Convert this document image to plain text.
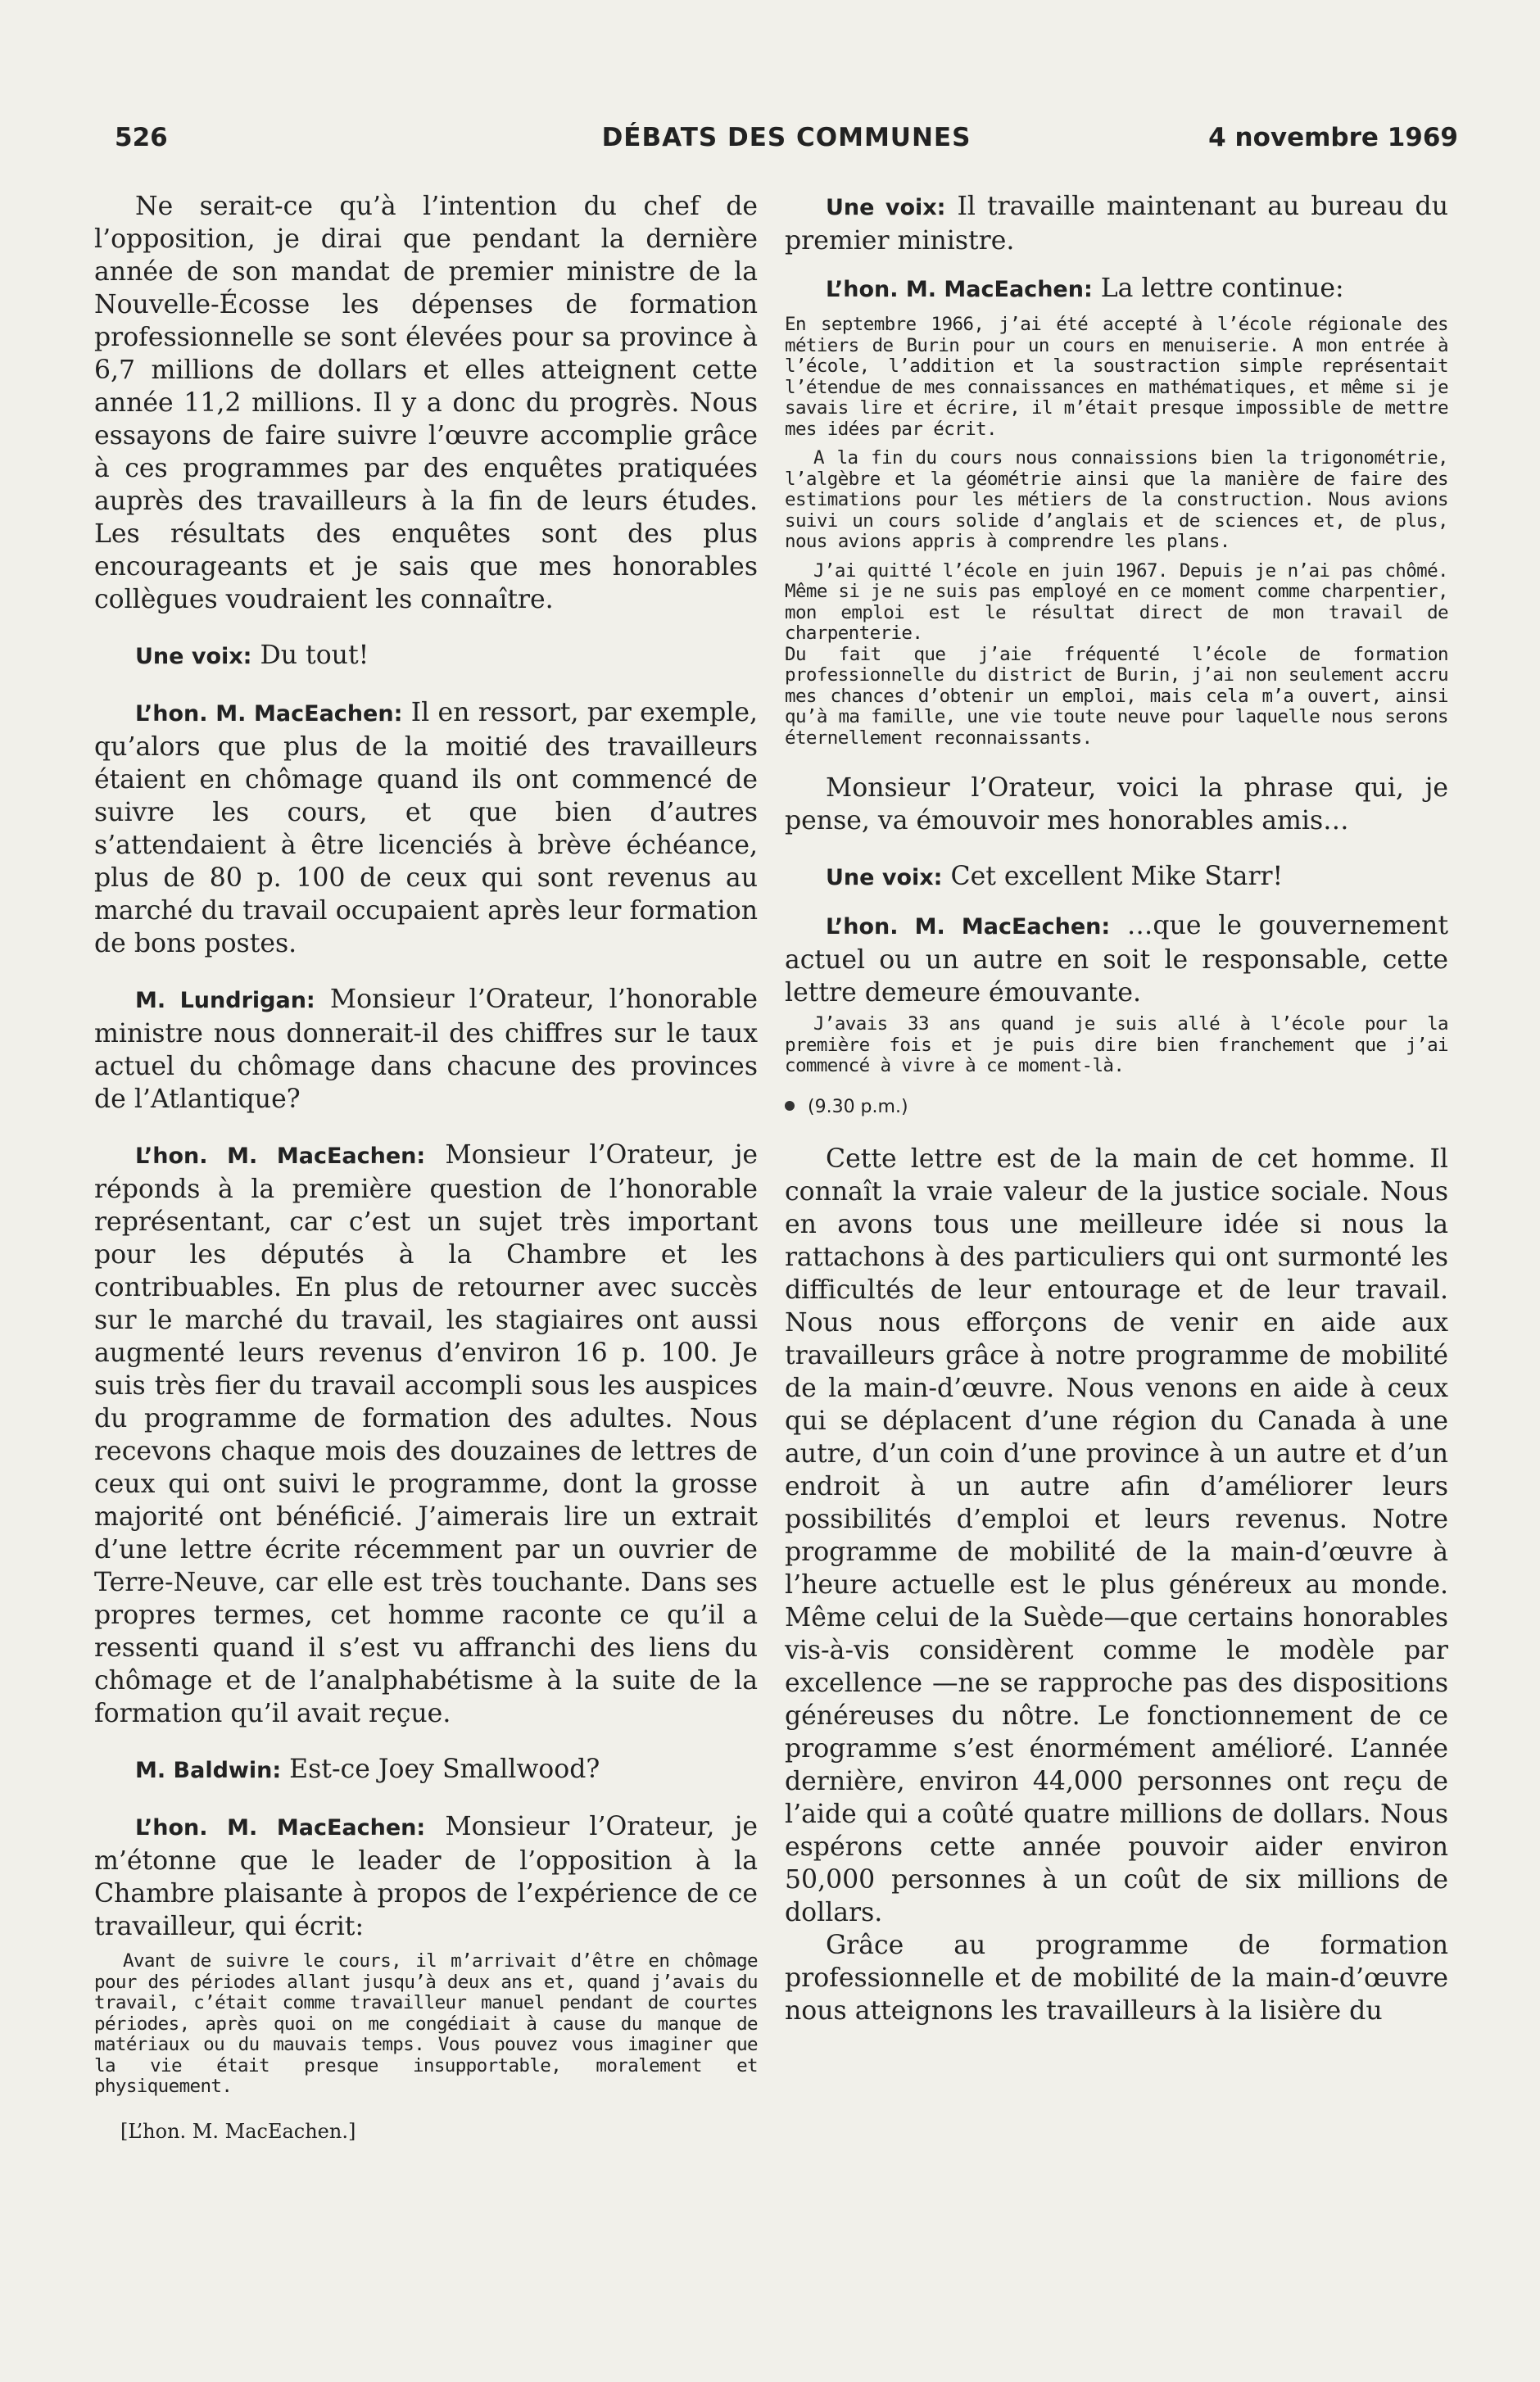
526	DÉBATS DES COMMUNES	4 novembre 1969

Ne serait-ce qu’à l’intention du chef de l’opposition, je dirai que pendant la dernière année de son mandat de premier ministre de la Nouvelle-Écosse les dépenses de formation professionnelle se sont élevées pour sa province à 6,7 millions de dollars et elles atteignent cette année 11,2 millions. Il y a donc du progrès. Nous essayons de faire suivre l’œuvre accomplie grâce à ces programmes par des enquêtes pratiquées auprès des travailleurs à la fin de leurs études. Les résultats des enquêtes sont des plus encourageants et je sais que mes honorables collègues voudraient les connaître.

Une voix: Du tout!

L’hon. M. MacEachen: Il en ressort, par exemple, qu’alors que plus de la moitié des travailleurs étaient en chômage quand ils ont commencé de suivre les cours, et que bien d’autres s’attendaient à être licenciés à brève échéance, plus de 80 p. 100 de ceux qui sont revenus au marché du travail occupaient après leur formation de bons postes.

M. Lundrigan: Monsieur l’Orateur, l’honorable ministre nous donnerait-il des chiffres sur le taux actuel du chômage dans chacune des provinces de l’Atlantique?

L’hon. M. MacEachen: Monsieur l’Orateur, je réponds à la première question de l’honorable représentant, car c’est un sujet très important pour les députés à la Chambre et les contribuables. En plus de retourner avec succès sur le marché du travail, les stagiaires ont aussi augmenté leurs revenus d’environ 16 p. 100. Je suis très fier du travail accompli sous les auspices du programme de formation des adultes. Nous recevons chaque mois des douzaines de lettres de ceux qui ont suivi le programme, dont la grosse majorité ont bénéficié. J’aimerais lire un extrait d’une lettre écrite récemment par un ouvrier de Terre-Neuve, car elle est très touchante. Dans ses propres termes, cet homme raconte ce qu’il a ressenti quand il s’est vu affranchi des liens du chômage et de l’analphabétisme à la suite de la formation qu’il avait reçue.

M. Baldwin: Est-ce Joey Smallwood?

L’hon. M. MacEachen: Monsieur l’Orateur, je m’étonne que le leader de l’opposition à la Chambre plaisante à propos de l’expérience de ce travailleur, qui écrit:

Avant de suivre le cours, il m’arrivait d’être en chômage pour des périodes allant jusqu’à deux ans et, quand j’avais du travail, c’était comme travailleur manuel pendant de courtes périodes, après quoi on me congédiait à cause du manque de matériaux ou du mauvais temps. Vous pouvez vous imaginer que la vie était presque insupportable, moralement et physiquement.

[L’hon. M. MacEachen.]

Une voix: Il travaille maintenant au bureau du premier ministre.

L’hon. M. MacEachen: La lettre continue:

En septembre 1966, j’ai été accepté à l’école régionale des métiers de Burin pour un cours en menuiserie. A mon entrée à l’école, l’addition et la soustraction simple représentait l’étendue de mes connaissances en mathématiques, et même si je savais lire et écrire, il m’était presque impossible de mettre mes idées par écrit.

A la fin du cours nous connaissions bien la trigonométrie, l’algèbre et la géométrie ainsi que la manière de faire des estimations pour les métiers de la construction. Nous avions suivi un cours solide d’anglais et de sciences et, de plus, nous avions appris à comprendre les plans.

J’ai quitté l’école en juin 1967. Depuis je n’ai pas chômé. Même si je ne suis pas employé en ce moment comme charpentier, mon emploi est le résultat direct de mon travail de charpenterie.

Du fait que j’aie fréquenté l’école de formation professionnelle du district de Burin, j’ai non seulement accru mes chances d’obtenir un emploi, mais cela m’a ouvert, ainsi qu’à ma famille, une vie toute neuve pour laquelle nous serons éternellement reconnaissants.

Monsieur l’Orateur, voici la phrase qui, je pense, va émouvoir mes honorables amis…

Une voix: Cet excellent Mike Starr!

L’hon. M. MacEachen: …que le gouvernement actuel ou un autre en soit le responsable, cette lettre demeure émouvante.

J’avais 33 ans quand je suis allé à l’école pour la première fois et je puis dire bien franchement que j’ai commencé à vivre à ce moment-là.

(9.30 p.m.)

Cette lettre est de la main de cet homme. Il connaît la vraie valeur de la justice sociale. Nous en avons tous une meilleure idée si nous la rattachons à des particuliers qui ont surmonté les difficultés de leur entourage et de leur travail. Nous nous efforçons de venir en aide aux travailleurs grâce à notre programme de mobilité de la main-d’œuvre. Nous venons en aide à ceux qui se déplacent d’une région du Canada à une autre, d’un coin d’une province à un autre et d’un endroit à un autre afin d’améliorer leurs possibilités d’emploi et leurs revenus. Notre programme de mobilité de la main-d’œuvre à l’heure actuelle est le plus généreux au monde. Même celui de la Suède—que certains honorables vis-à-vis considèrent comme le modèle par excellence —ne se rapproche pas des dispositions généreuses du nôtre. Le fonctionnement de ce programme s’est énormément amélioré. L’année dernière, environ 44,000 personnes ont reçu de l’aide qui a coûté quatre millions de dollars. Nous espérons cette année pouvoir aider environ 50,000 personnes à un coût de six millions de dollars.

Grâce au programme de formation professionnelle et de mobilité de la main-d’œuvre nous atteignons les travailleurs à la lisière du
